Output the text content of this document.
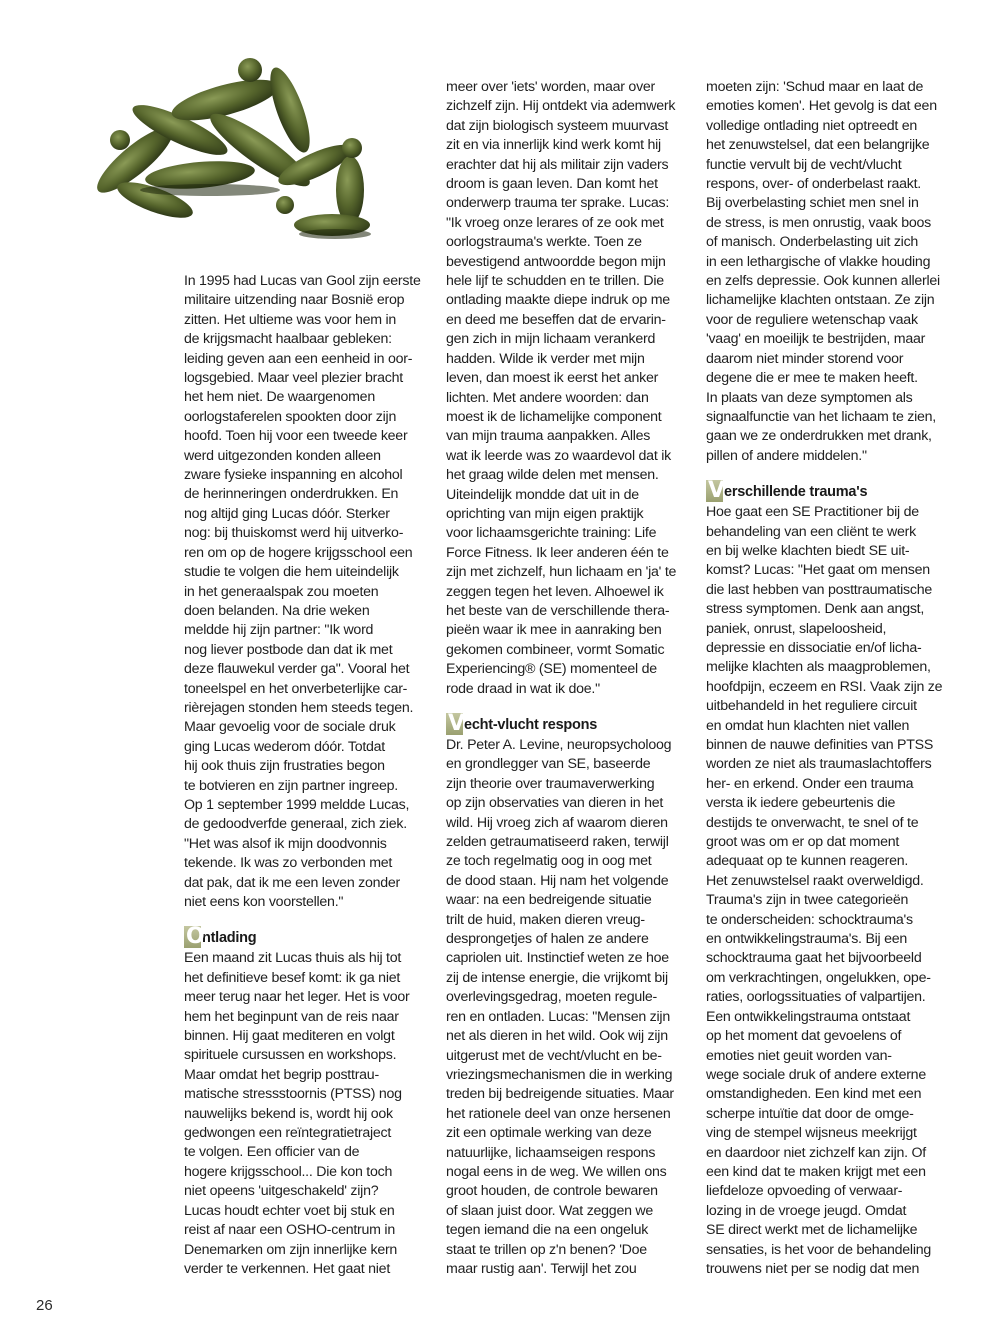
In 1995 had Lucas van Gool zijn eerste
militaire uitzending naar Bosnië erop
zitten. Het ultieme was voor hem in
de krijgsmacht haalbaar gebleken:
leiding geven aan een eenheid in oor-
logsgebied. Maar veel plezier bracht
het hem niet. De waargenomen
oorlogstaferelen spookten door zijn
hoofd. Toen hij voor een tweede keer
werd uitgezonden konden alleen
zware fysieke inspanning en alcohol
de herinneringen onderdrukken. En
nog altijd ging Lucas dóór. Sterker
nog: bij thuiskomst werd hij uitverko-
ren om op de hogere krijgsschool een
studie te volgen die hem uiteindelijk
in het generaalspak zou moeten
doen belanden. Na drie weken
meldde hij zijn partner: "Ik word
nog liever postbode dan dat ik met
deze flauwekul verder ga". Vooral het
toneelspel en het onverbeterlijke car-
rièrejagen stonden hem steeds tegen.
Maar gevoelig voor de sociale druk
ging Lucas wederom dóór. Totdat
hij ook thuis zijn frustraties begon
te botvieren en zijn partner ingreep.
Op 1 september 1999 meldde Lucas,
de gedoodverfde generaal, zich ziek.
"Het was alsof ik mijn doodvonnis
tekende. Ik was zo verbonden met
dat pak, dat ik me een leven zonder
niet eens kon voorstellen."

O
ntlading

Een maand zit Lucas thuis als hij tot
het definitieve besef komt: ik ga niet
meer terug naar het leger. Het is voor
hem het beginpunt van de reis naar
binnen. Hij gaat mediteren en volgt
spirituele cursussen en workshops.
Maar omdat het begrip posttrau-
matische stressstoornis (PTSS) nog
nauwelijks bekend is, wordt hij ook
gedwongen een reïntegratietraject
te volgen. Een officier van de
hogere krijgsschool... Die kon toch
niet opeens 'uitgeschakeld' zijn?
Lucas houdt echter voet bij stuk en
reist af naar een OSHO-centrum in
Denemarken om zijn innerlijke kern
verder te verkennen. Het gaat niet

meer over 'iets' worden, maar over
zichzelf zijn. Hij ontdekt via ademwerk
dat zijn biologisch systeem muurvast
zit en via innerlijk kind werk komt hij
erachter dat hij als militair zijn vaders
droom is gaan leven. Dan komt het
onderwerp trauma ter sprake. Lucas:
"Ik vroeg onze lerares of ze ook met
oorlogstrauma's werkte. Toen ze
bevestigend antwoordde begon mijn
hele lijf te schudden en te trillen. Die
ontlading maakte diepe indruk op me
en deed me beseffen dat de ervarin-
gen zich in mijn lichaam verankerd
hadden. Wilde ik verder met mijn
leven, dan moest ik eerst het anker
lichten. Met andere woorden: dan
moest ik de lichamelijke component
van mijn trauma aanpakken. Alles
wat ik leerde was zo waardevol dat ik
het graag wilde delen met mensen.
Uiteindelijk mondde dat uit in de
oprichting van mijn eigen praktijk
voor lichaamsgerichte training: Life
Force Fitness. Ik leer anderen één te
zijn met zichzelf, hun lichaam en 'ja' te
zeggen tegen het leven. Alhoewel ik
het beste van de verschillende thera-
pieën waar ik mee in aanraking ben
gekomen combineer, vormt Somatic
Experiencing® (SE) momenteel de
rode draad in wat ik doe."

V echt-vlucht respons

Dr. Peter A. Levine, neuropsycholoog
en grondlegger van SE, baseerde
zijn theorie over traumaverwerking
op zijn observaties van dieren in het
wild. Hij vroeg zich af waarom dieren
zelden getraumatiseerd raken, terwijl
ze toch regelmatig oog in oog met
de dood staan. Hij nam het volgende
waar: na een bedreigende situatie
trilt de huid, maken dieren vreug-
desprongetjes of halen ze andere
capriolen uit. Instinctief weten ze hoe
zij de intense energie, die vrijkomt bij
overlevingsgedrag, moeten regule-
ren en ontladen. Lucas: "Mensen zijn
net als dieren in het wild. Ook wij zijn
uitgerust met de vecht/vlucht en be-
vriezingsmechanismen die in werking
treden bij bedreigende situaties. Maar
het rationele deel van onze hersenen
zit een optimale werking van deze
natuurlijke, lichaamseigen respons
nogal eens in de weg. We willen ons
groot houden, de controle bewaren
of slaan juist door. Wat zeggen we
tegen iemand die na een ongeluk
staat te trillen op z'n benen? 'Doe
maar rustig aan'. Terwijl het zou

moeten zijn: 'Schud maar en laat de
emoties komen'. Het gevolg is dat een
volledige ontlading niet optreedt en
het zenuwstelsel, dat een belangrijke
functie vervult bij de vecht/vlucht
respons, over- of onderbelast raakt.
Bij overbelasting schiet men snel in
de stress, is men onrustig, vaak boos
of manisch. Onderbelasting uit zich
in een lethargische of vlakke houding
en zelfs depressie. Ook kunnen allerlei
lichamelijke klachten ontstaan. Ze zijn
voor de reguliere wetenschap vaak
'vaag' en moeilijk te bestrijden, maar
daarom niet minder storend voor
degene die er mee te maken heeft.
In plaats van deze symptomen als
signaalfunctie van het lichaam te zien,
gaan we ze onderdrukken met drank,
pillen of andere middelen."

V erschillende trauma's

Hoe gaat een SE Practitioner bij de
behandeling van een cliënt te werk
en bij welke klachten biedt SE uit-
komst? Lucas: "Het gaat om mensen
die last hebben van posttraumatische
stress symptomen. Denk aan angst,
paniek, onrust, slapeloosheid,
depressie en dissociatie en/of licha-
melijke klachten als maagproblemen,
hoofdpijn, eczeem en RSI. Vaak zijn ze
uitbehandeld in het reguliere circuit
en omdat hun klachten niet vallen
binnen de nauwe definities van PTSS
worden ze niet als traumaslachtoffers
her- en erkend. Onder een trauma
versta ik iedere gebeurtenis die
destijds te onverwacht, te snel of te
groot was om er op dat moment
adequaat op te kunnen reageren.
Het zenuwstelsel raakt overweldigd.
Trauma's zijn in twee categorieën
te onderscheiden: schocktrauma's
en ontwikkelingstrauma's. Bij een
schocktrauma gaat het bijvoorbeeld
om verkrachtingen, ongelukken, ope-
raties, oorlogssituaties of valpartijen.
Een ontwikkelingstrauma ontstaat
op het moment dat gevoelens of
emoties niet geuit worden van-
wege sociale druk of andere externe
omstandigheden. Een kind met een
scherpe intuïtie dat door de omge-
ving de stempel wijsneus meekrijgt
en daardoor niet zichzelf kan zijn. Of
een kind dat te maken krijgt met een
liefdeloze opvoeding of verwaar-
lozing in de vroege jeugd. Omdat
SE direct werkt met de lichamelijke
sensaties, is het voor de behandeling
trouwens niet per se nodig dat men

26
